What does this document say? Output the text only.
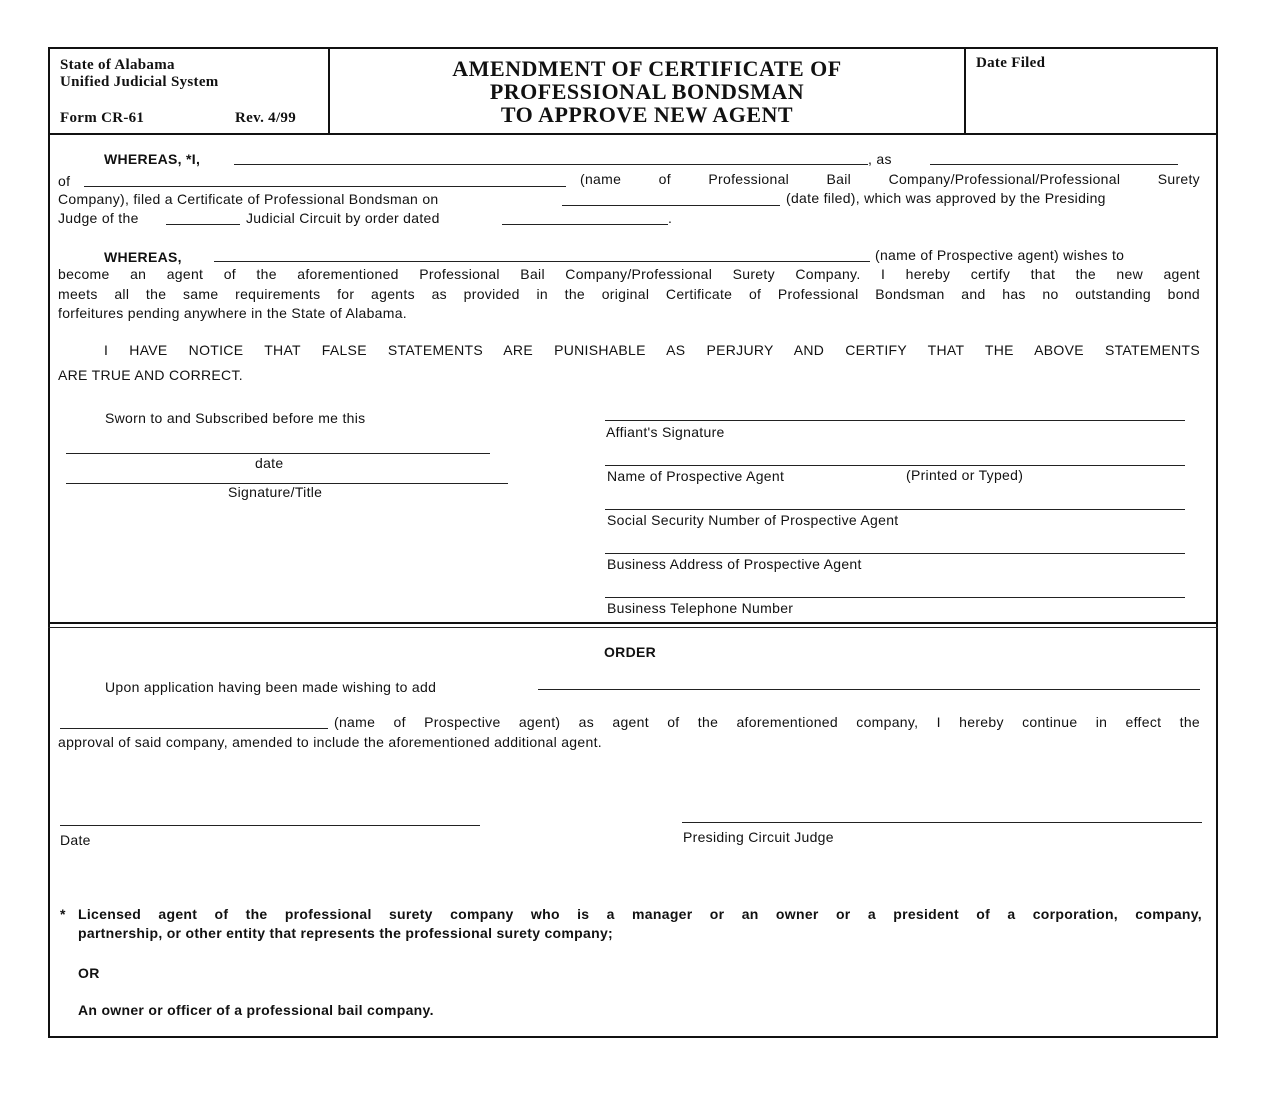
State of Alabama
Unified Judicial System
Form CR-61	Rev. 4/99
AMENDMENT OF CERTIFICATE OF
PROFESSIONAL BONDSMAN
TO APPROVE NEW AGENT
Date Filed
WHEREAS, *I,	, as
of	(name of Professional Bail Company/Professional/Professional Surety
Company), filed a Certificate of Professional Bondsman on	(date filed), which was approved by the Presiding
Judge of the	Judicial Circuit by order dated	.
WHEREAS,	(name of Prospective agent) wishes to
become an agent of the aforementioned Professional Bail Company/Professional Surety Company. I hereby certify that the new agent
meets all the same requirements for agents as provided in the original Certificate of Professional Bondsman and has no outstanding bond
forfeitures pending anywhere in the State of Alabama.
I HAVE NOTICE THAT FALSE STATEMENTS ARE PUNISHABLE AS PERJURY AND CERTIFY THAT THE ABOVE STATEMENTS
ARE TRUE AND CORRECT.
Sworn to and Subscribed before me this
date
Signature/Title
Affiant's Signature
Name of Prospective Agent	(Printed or Typed)
Social Security Number of Prospective Agent
Business Address of Prospective Agent
Business Telephone Number
ORDER
Upon application having been made wishing to add
(name of Prospective agent) as agent of the aforementioned company, I hereby continue in effect the
approval of said company, amended to include the aforementioned additional agent.
Date	Presiding Circuit Judge
* Licensed agent of the professional surety company who is a manager or an owner or a president of a corporation, company,
partnership, or other entity that represents the professional surety company;
OR
An owner or officer of a professional bail company.
